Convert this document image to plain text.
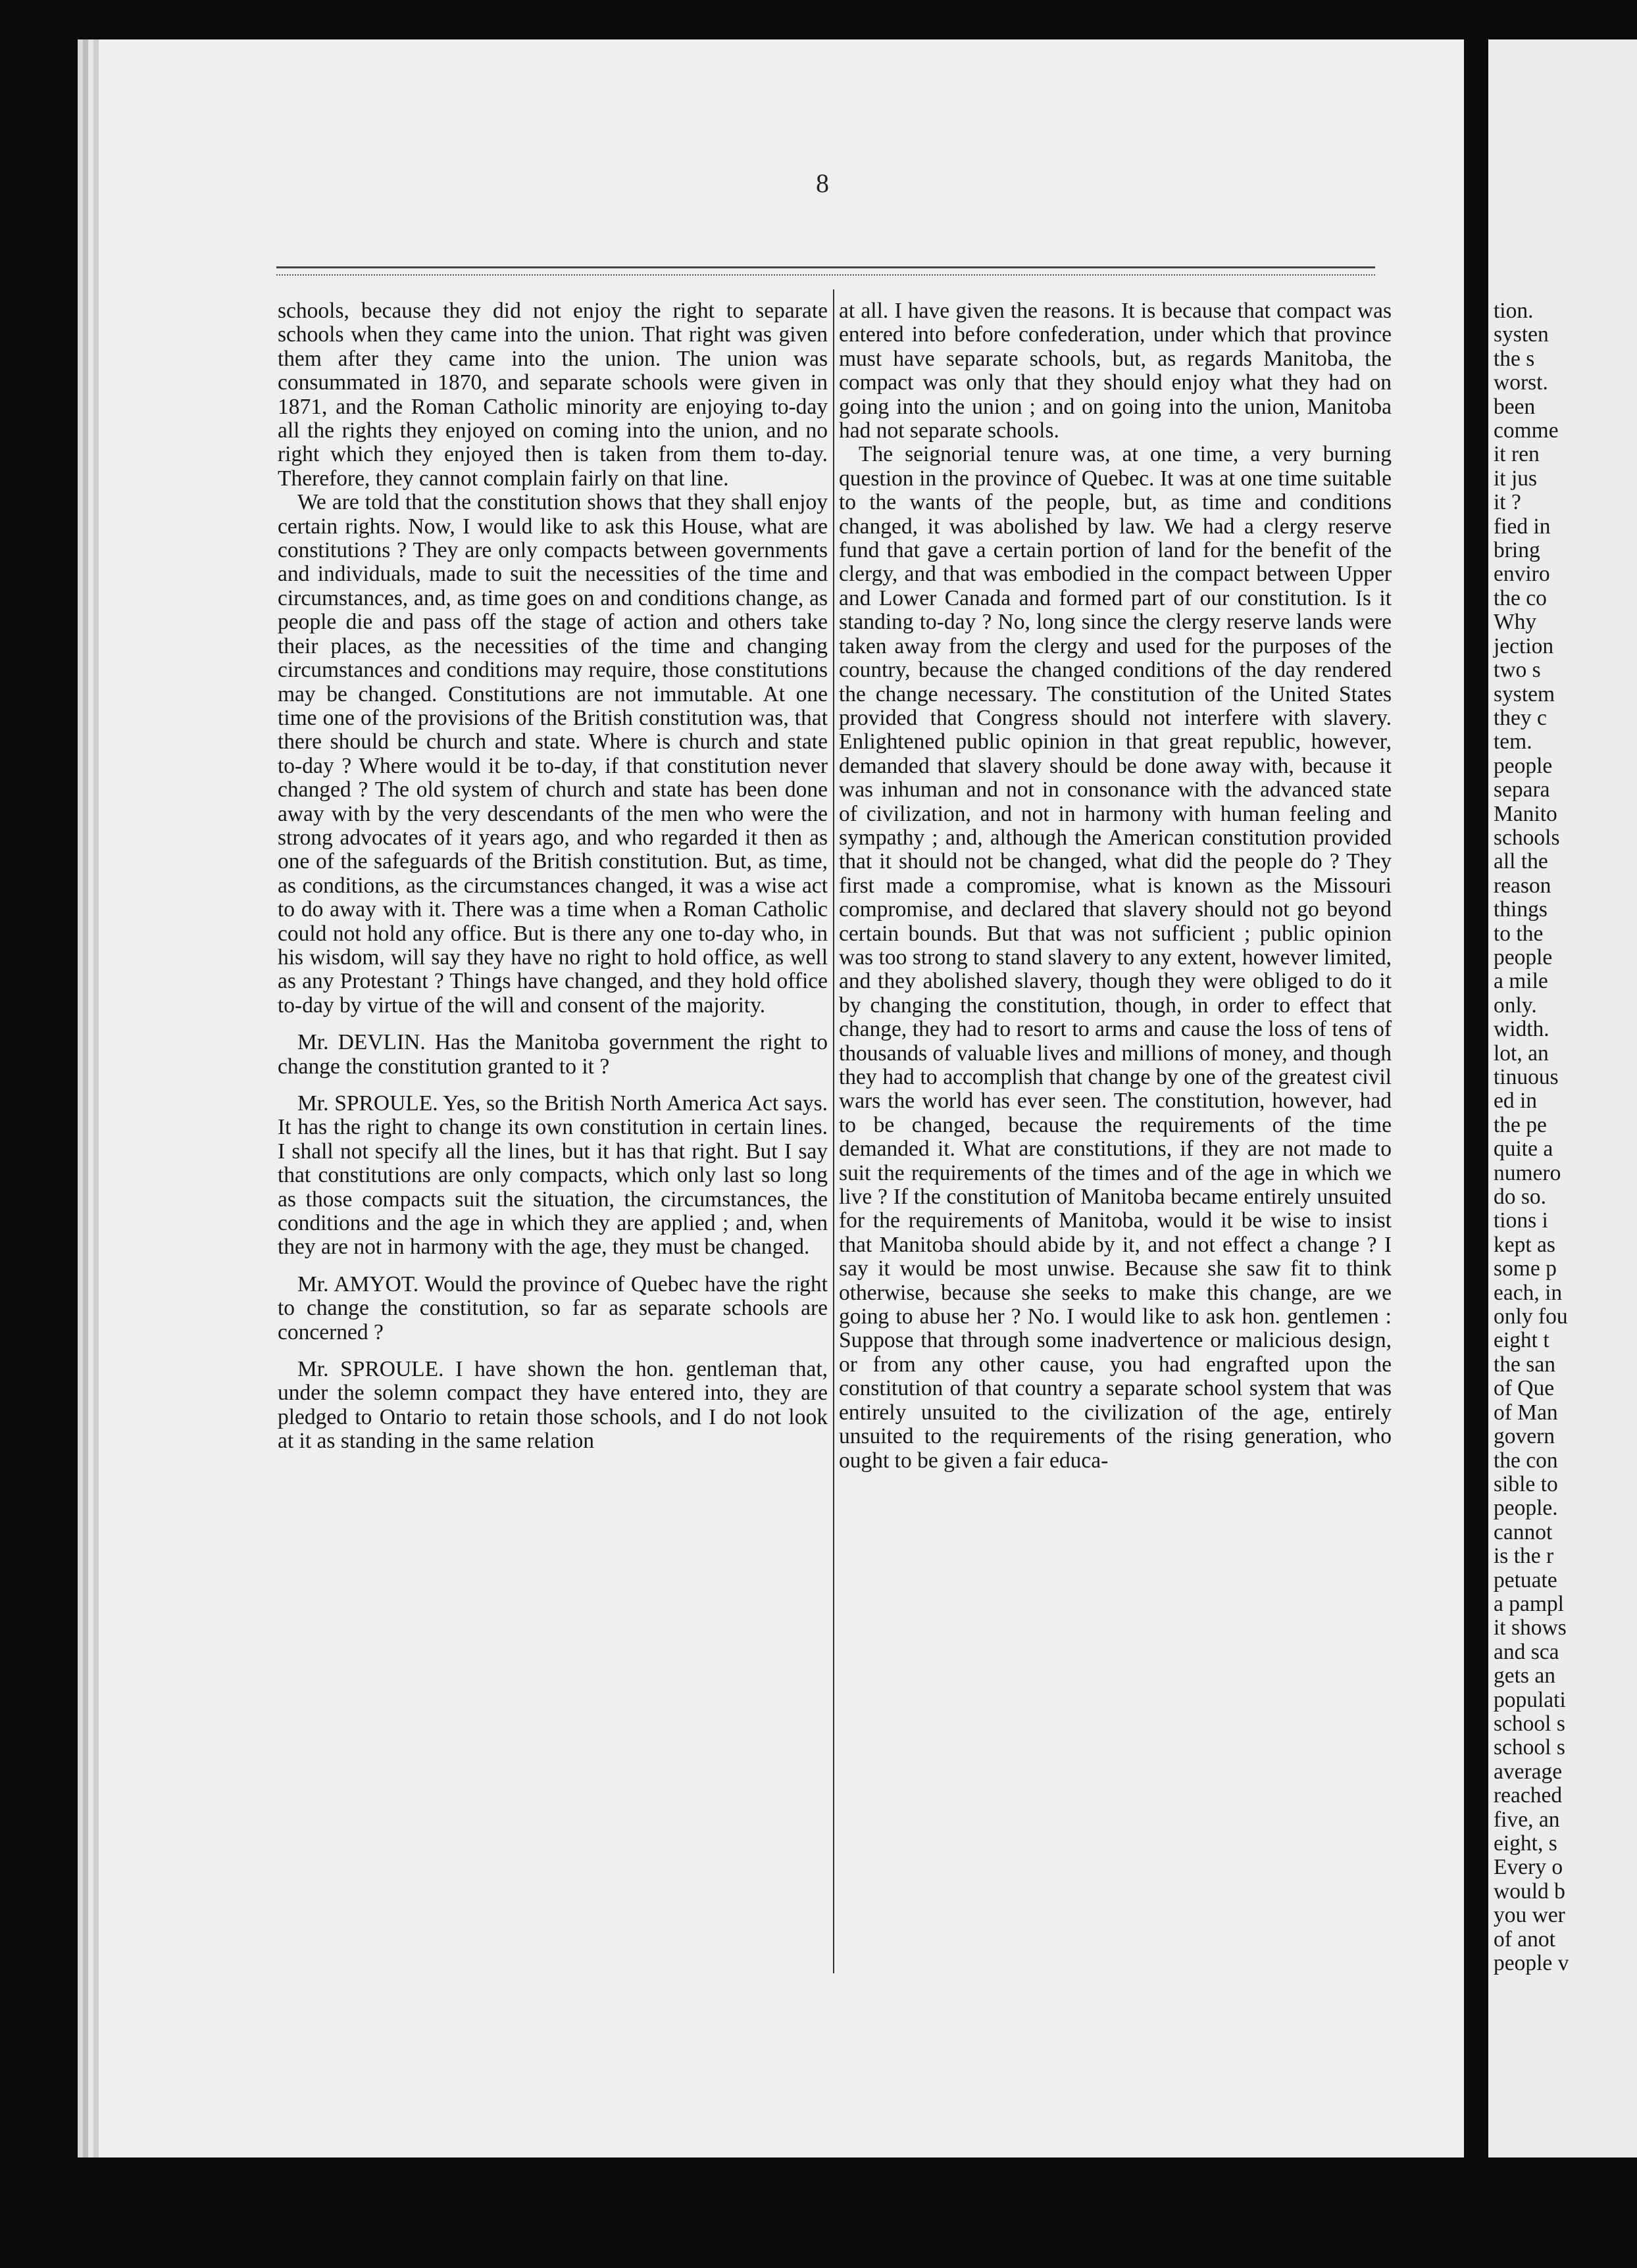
8

schools, because they did not enjoy the right to separate schools when they came into the union. That right was given them after they came into the union. The union was consummated in 1870, and separate schools were given in 1871, and the Roman Catholic minority are enjoying to-day all the rights they enjoyed on coming into the union, and no right which they enjoyed then is taken from them to-day. Therefore, they cannot complain fairly on that line.

We are told that the constitution shows that they shall enjoy certain rights. Now, I would like to ask this House, what are constitutions ? They are only compacts between governments and individuals, made to suit the necessities of the time and circumstances, and, as time goes on and conditions change, as people die and pass off the stage of action and others take their places, as the necessities of the time and changing circumstances and conditions may require, those constitutions may be changed. Constitutions are not immutable. At one time one of the provisions of the British constitution was, that there should be church and state. Where is church and state to-day ? Where would it be to-day, if that constitution never changed ? The old system of church and state has been done away with by the very descendants of the men who were the strong advocates of it years ago, and who regarded it then as one of the safeguards of the British constitution. But, as time, as conditions, as the circumstances changed, it was a wise act to do away with it. There was a time when a Roman Catholic could not hold any office. But is there any one to-day who, in his wisdom, will say they have no right to hold office, as well as any Protestant ? Things have changed, and they hold office to-day by virtue of the will and consent of the majority.

Mr. DEVLIN. Has the Manitoba government the right to change the constitution granted to it ?

Mr. SPROULE. Yes, so the British North America Act says. It has the right to change its own constitution in certain lines. I shall not specify all the lines, but it has that right. But I say that constitutions are only compacts, which only last so long as those compacts suit the situation, the circumstances, the conditions and the age in which they are applied ; and, when they are not in harmony with the age, they must be changed.

Mr. AMYOT. Would the province of Quebec have the right to change the constitution, so far as separate schools are concerned ?

Mr. SPROULE. I have shown the hon. gentleman that, under the solemn compact they have entered into, they are pledged to Ontario to retain those schools, and I do not look at it as standing in the same relation

at all. I have given the reasons. It is because that compact was entered into before confederation, under which that province must have separate schools, but, as regards Manitoba, the compact was only that they should enjoy what they had on going into the union ; and on going into the union, Manitoba had not separate schools.

The seignorial tenure was, at one time, a very burning question in the province of Quebec. It was at one time suitable to the wants of the people, but, as time and conditions changed, it was abolished by law. We had a clergy reserve fund that gave a certain portion of land for the benefit of the clergy, and that was embodied in the compact between Upper and Lower Canada and formed part of our constitution. Is it standing to-day ? No, long since the clergy reserve lands were taken away from the clergy and used for the purposes of the country, because the changed conditions of the day rendered the change necessary. The constitution of the United States provided that Congress should not interfere with slavery. Enlightened public opinion in that great republic, however, demanded that slavery should be done away with, because it was inhuman and not in consonance with the advanced state of civilization, and not in harmony with human feeling and sympathy ; and, although the American constitution provided that it should not be changed, what did the people do ? They first made a compromise, what is known as the Missouri compromise, and declared that slavery should not go beyond certain bounds. But that was not sufficient ; public opinion was too strong to stand slavery to any extent, however limited, and they abolished slavery, though they were obliged to do it by changing the constitution, though, in order to effect that change, they had to resort to arms and cause the loss of tens of thousands of valuable lives and millions of money, and though they had to accomplish that change by one of the greatest civil wars the world has ever seen. The constitution, however, had to be changed, because the requirements of the time demanded it. What are constitutions, if they are not made to suit the requirements of the times and of the age in which we live ? If the constitution of Manitoba became entirely unsuited for the requirements of Manitoba, would it be wise to insist that Manitoba should abide by it, and not effect a change ? I say it would be most unwise. Because she saw fit to think otherwise, because she seeks to make this change, are we going to abuse her ? No. I would like to ask hon. gentlemen : Suppose that through some inadvertence or malicious design, or from any other cause, you had engrafted upon the constitution of that country a separate school system that was entirely unsuited to the civilization of the age, entirely unsuited to the requirements of the rising generation, who ought to be given a fair educa-

tion.
systen
the s
worst.
been
comme
it ren
it jus
it ?
fied in
bring
enviro
the co
Why
jection
two s
system
they c
tem.
people
separa
Manito
schools
all the
reason
things
to the
people
a mile
only.
width.
lot, an
tinuous
ed in
the pe
quite a
numero
do so.
tions i
kept as
some p
each, in
only fou
eight t
the san
of Que
of Man
govern
the con
sible to
people.
cannot
is the r
petuate
a pampl
it shows
and sca
gets an
populati
school s
school s
average
reached
five, an
eight, s
Every o
would b
you wer
of anot
people v
